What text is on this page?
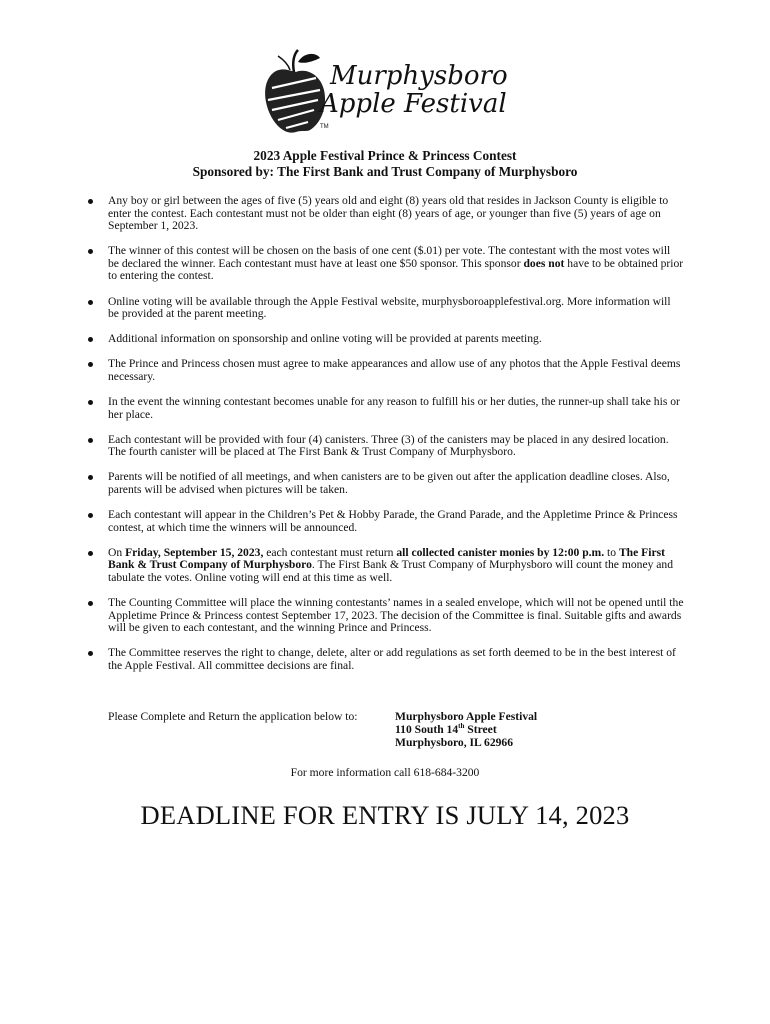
Murphysboro
Apple Festival
TM
2023 Apple Festival Prince & Princess Contest
Sponsored by: The First Bank and Trust Company of Murphysboro
Any boy or girl between the ages of five (5) years old and eight (8) years old that resides in Jackson County is eligible to enter the contest. Each contestant must not be older than eight (8) years of age, or younger than five (5) years of age on September 1, 2023.
The winner of this contest will be chosen on the basis of one cent ($.01) per vote. The contestant with the most votes will be declared the winner. Each contestant must have at least one $50 sponsor. This sponsor does not have to be obtained prior to entering the contest.
Online voting will be available through the Apple Festival website, murphysboroapplefestival.org. More information will be provided at the parent meeting.
Additional information on sponsorship and online voting will be provided at parents meeting.
The Prince and Princess chosen must agree to make appearances and allow use of any photos that the Apple Festival deems necessary.
In the event the winning contestant becomes unable for any reason to fulfill his or her duties, the runner-up shall take his or her place.
Each contestant will be provided with four (4) canisters. Three (3) of the canisters may be placed in any desired location. The fourth canister will be placed at The First Bank & Trust Company of Murphysboro.
Parents will be notified of all meetings, and when canisters are to be given out after the application deadline closes. Also, parents will be advised when pictures will be taken.
Each contestant will appear in the Children’s Pet & Hobby Parade, the Grand Parade, and the Appletime Prince & Princess contest, at which time the winners will be announced.
On Friday, September 15, 2023, each contestant must return all collected canister monies by 12:00 p.m. to The First Bank & Trust Company of Murphysboro. The First Bank & Trust Company of Murphysboro will count the money and tabulate the votes. Online voting will end at this time as well.
The Counting Committee will place the winning contestants’ names in a sealed envelope, which will not be opened until the Appletime Prince & Princess contest September 17, 2023. The decision of the Committee is final. Suitable gifts and awards will be given to each contestant, and the winning Prince and Princess.
The Committee reserves the right to change, delete, alter or add regulations as set forth deemed to be in the best interest of the Apple Festival. All committee decisions are final.
Please Complete and Return the application below to:	Murphysboro Apple Festival
110 South 14th Street
Murphysboro, IL 62966
For more information call 618-684-3200
DEADLINE FOR ENTRY IS JULY 14, 2023
